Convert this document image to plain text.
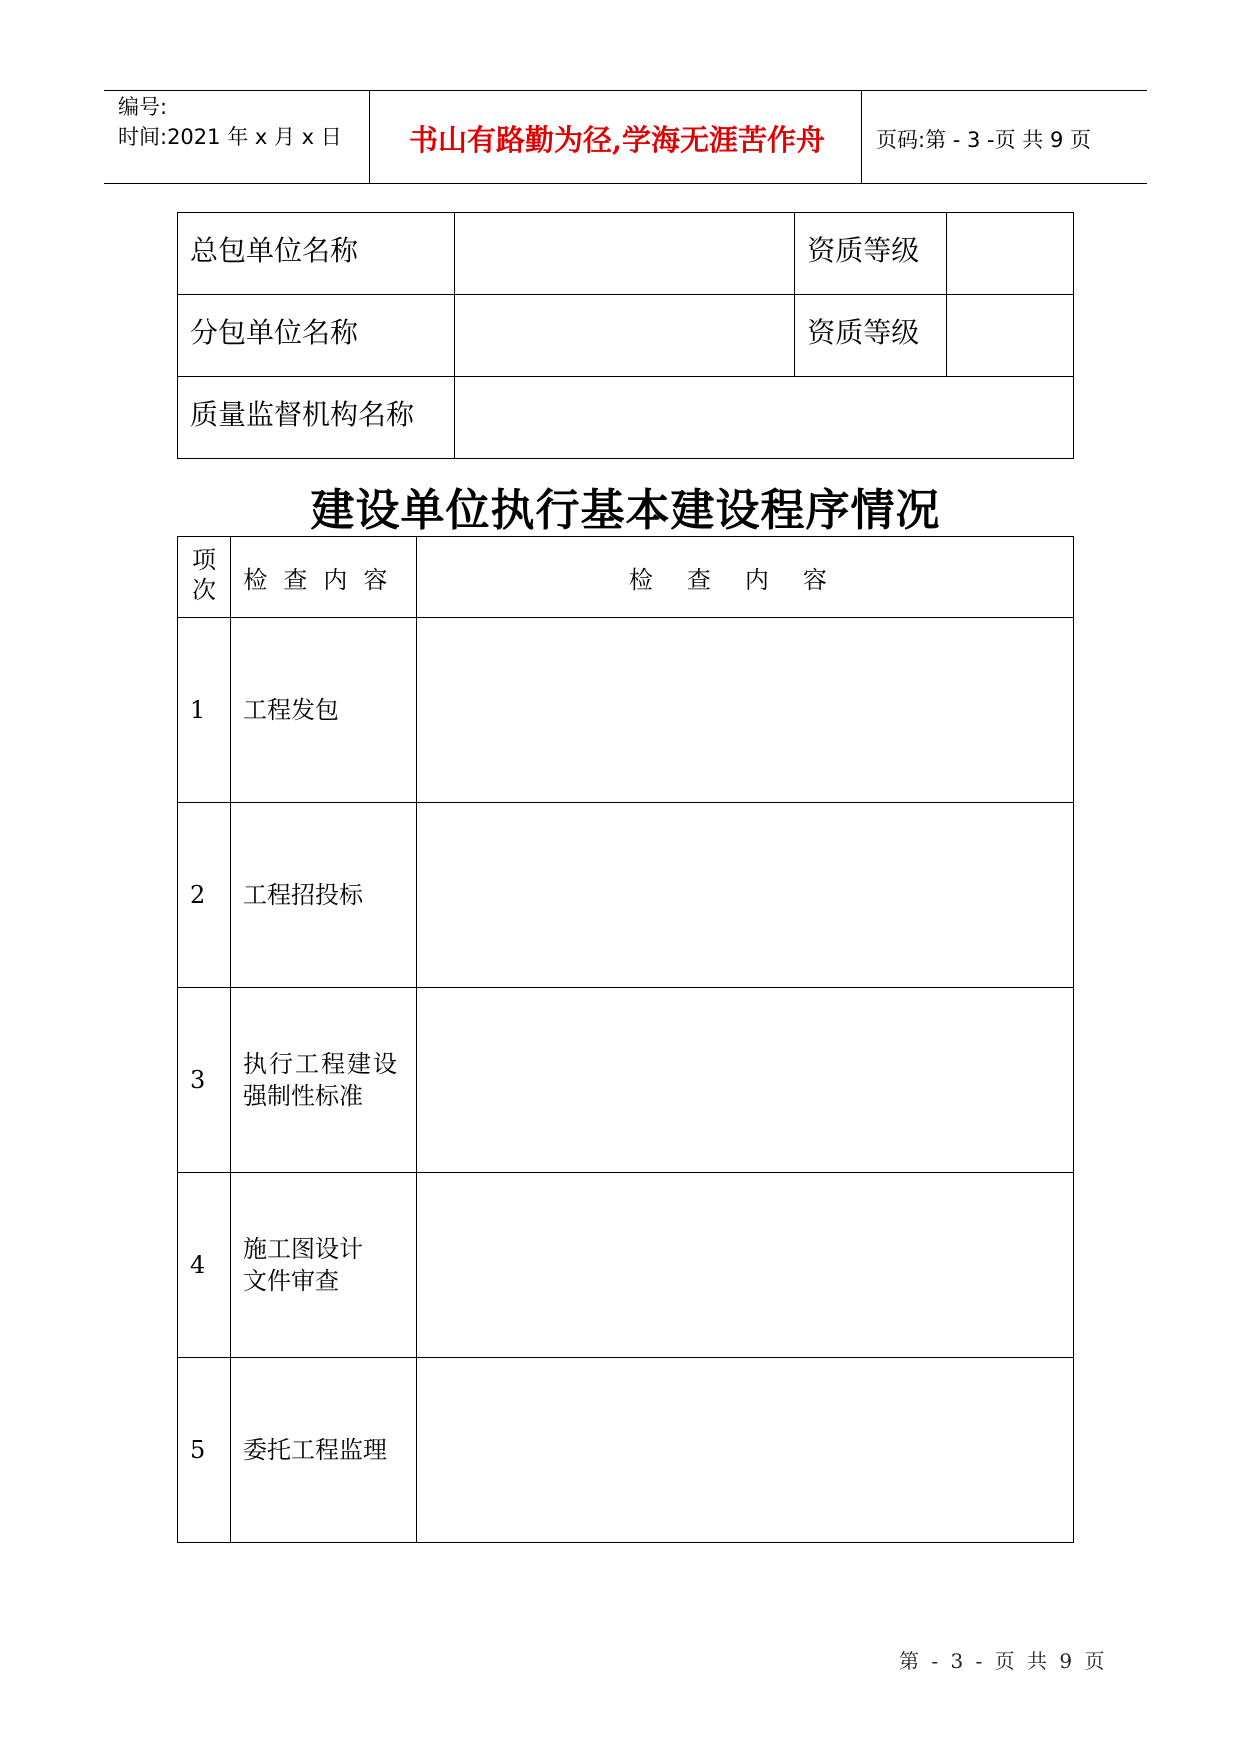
编号:
时间:2021 年 x 月 x 日	书山有路勤为径,学海无涯苦作舟	页码:第 - 3 -页 共 9 页
总包单位名称		资质等级	
分包单位名称		资质等级	
质量监督机构名称			
建设单位执行基本建设程序情况
项
次	检查内容	检查内容
1	工程发包	

2	工程招投标	

3	执行工程建设
强制性标准	

4	施工图设计
文件审查	

5	委托工程监理	

第 - 3 - 页 共 9 页
